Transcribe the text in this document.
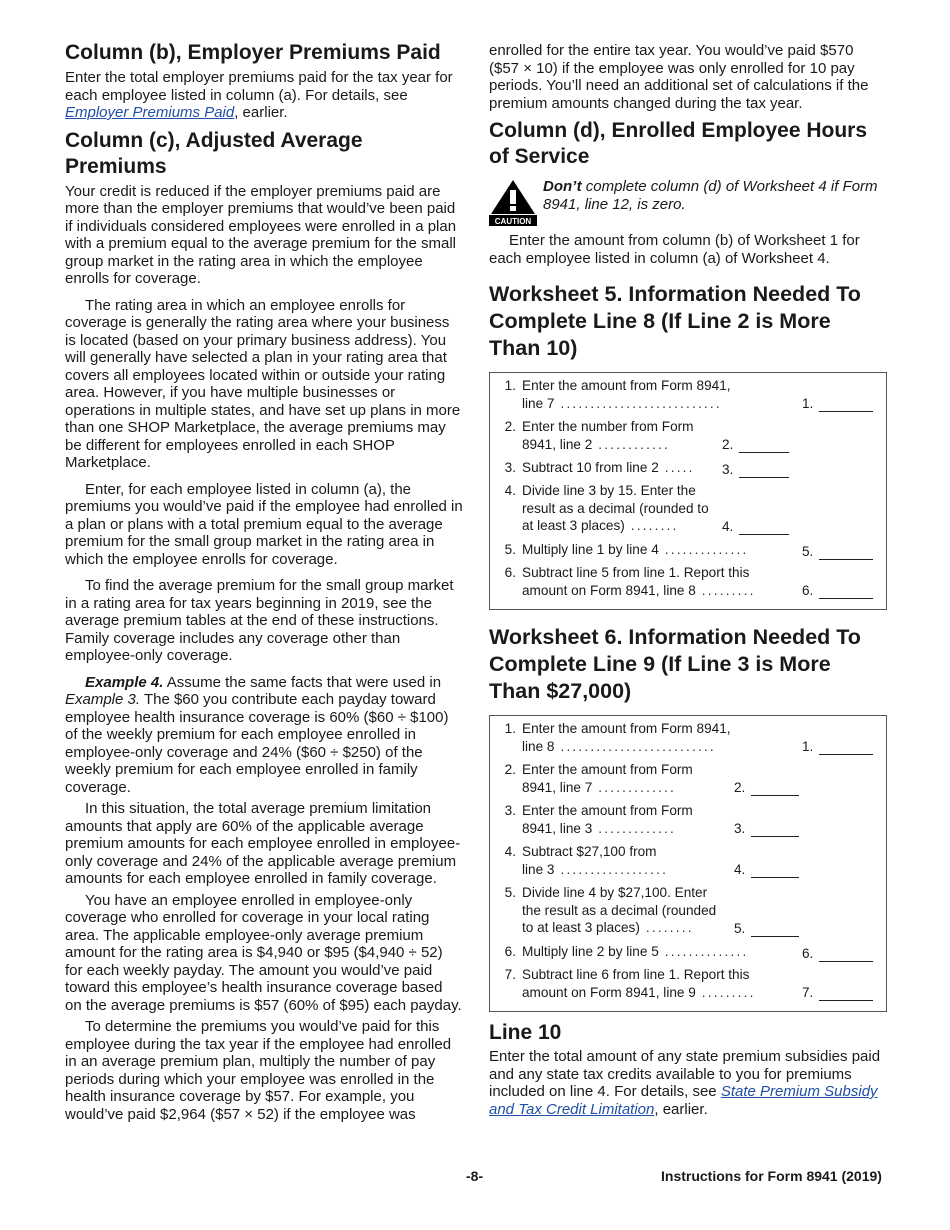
Column (b), Employer Premiums Paid

Enter the total employer premiums paid for the tax year for each employee listed in column (a). For details, see Employer Premiums Paid, earlier.

Column (c), Adjusted Average Premiums

Your credit is reduced if the employer premiums paid are more than the employer premiums that would’ve been paid if individuals considered employees were enrolled in a plan with a premium equal to the average premium for the small group market in the rating area in which the employee enrolls for coverage.

The rating area in which an employee enrolls for coverage is generally the rating area where your business is located (based on your primary business address). You will generally have selected a plan in your rating area that covers all employees located within or outside your rating area. However, if you have multiple businesses or operations in multiple states, and have set up plans in more than one SHOP Marketplace, the average premiums may be different for employees enrolled in each SHOP Marketplace.

Enter, for each employee listed in column (a), the premiums you would’ve paid if the employee had enrolled in a plan or plans with a total premium equal to the average premium for the small group market in the rating area in which the employee enrolls for coverage.

To find the average premium for the small group market in a rating area for tax years beginning in 2019, see the average premium tables at the end of these instructions. Family coverage includes any coverage other than employee-only coverage.

Example 4. Assume the same facts that were used in Example 3. The $60 you contribute each payday toward employee health insurance coverage is 60% ($60 ÷ $100) of the weekly premium for each employee enrolled in employee-only coverage and 24% ($60 ÷ $250) of the weekly premium for each employee enrolled in family coverage.

In this situation, the total average premium limitation amounts that apply are 60% of the applicable average premium amounts for each employee enrolled in employee-only coverage and 24% of the applicable average premium amounts for each employee enrolled in family coverage.

You have an employee enrolled in employee-only coverage who enrolled for coverage in your local rating area. The applicable employee-only average premium amount for the rating area is $4,940 or $95 ($4,940 ÷ 52) for each weekly payday. The amount you would’ve paid toward this employee’s health insurance coverage based on the average premiums is $57 (60% of $95) each payday.

To determine the premiums you would’ve paid for this employee during the tax year if the employee had enrolled in an average premium plan, multiply the number of pay periods during which your employee was enrolled in the health insurance coverage by $57. For example, you would’ve paid $2,964 ($57 × 52) if the employee was

enrolled for the entire tax year. You would’ve paid $570 ($57 × 10) if the employee was only enrolled for 10 pay periods. You’ll need an additional set of calculations if the premium amounts changed during the tax year.

Column (d), Enrolled Employee Hours of Service
CAUTION
Don’t complete column (d) of Worksheet 4 if Form 8941, line 12, is zero.

Enter the amount from column (b) of Worksheet 1 for each employee listed in column (a) of Worksheet 4.

Worksheet 5. Information Needed To Complete Line 8 (If Line 2 is More Than 10)
1. Enter the amount from Form 8941,
line 7 ...........................	1.
2. Enter the number from Form
8941, line 2 ............	2.
3. Subtract 10 from line 2 .....	3.
4. Divide line 3 by 15. Enter the
result as a decimal (rounded to
at least 3 places) ........	4.
5. Multiply line 1 by line 4 ..............	5.
6. Subtract line 5 from line 1. Report this
amount on Form 8941, line 8 .........	6.
Worksheet 6. Information Needed To Complete Line 9 (If Line 3 is More Than $27,000)
1. Enter the amount from Form 8941,
line 8 ..........................	1.
2. Enter the amount from Form
8941, line 7 .............	2.
3. Enter the amount from Form
8941, line 3 .............	3.
4. Subtract $27,100 from
line 3 ..................	4.
5. Divide line 4 by $27,100. Enter
the result as a decimal (rounded
to at least 3 places) ........	5.
6. Multiply line 2 by line 5 ..............	6.
7. Subtract line 6 from line 1. Report this
amount on Form 8941, line 9 .........	7.
Line 10

Enter the total amount of any state premium subsidies paid and any state tax credits available to you for premiums included on line 4. For details, see State Premium Subsidy and Tax Credit Limitation, earlier.

-8-	Instructions for Form 8941 (2019)
